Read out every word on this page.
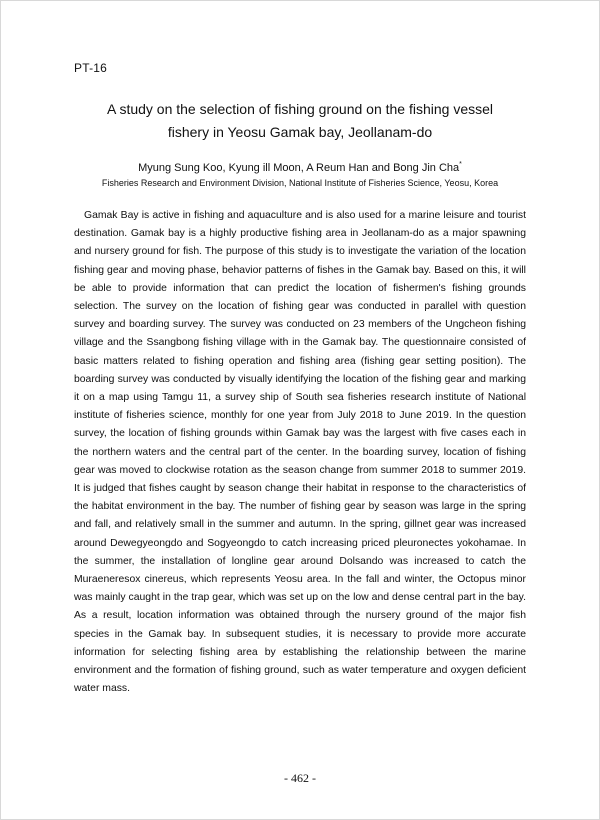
PT-16
A study on the selection of fishing ground on the fishing vessel
fishery in Yeosu Gamak bay, Jeollanam-do
Myung Sung Koo, Kyung ill Moon, A Reum Han and Bong Jin Cha*
Fisheries Research and Environment Division, National Institute of Fisheries Science, Yeosu, Korea

Gamak Bay is active in fishing and aquaculture and is also used for a marine leisure and tourist destination. Gamak bay is a highly productive fishing area in Jeollanam-do as a major spawning and nursery ground for fish. The purpose of this study is to investigate the variation of the location fishing gear and moving phase, behavior patterns of fishes in the Gamak bay. Based on this, it will be able to provide information that can predict the location of fishermen's fishing grounds selection. The survey on the location of fishing gear was conducted in parallel with question survey and boarding survey. The survey was conducted on 23 members of the Ungcheon fishing village and the Ssangbong fishing village with in the Gamak bay. The questionnaire consisted of basic matters related to fishing operation and fishing area (fishing gear setting position). The boarding survey was conducted by visually identifying the location of the fishing gear and marking it on a map using Tamgu 11, a survey ship of South sea fisheries research institute of National institute of fisheries science, monthly for one year from July 2018 to June 2019. In the question survey, the location of fishing grounds within Gamak bay was the largest with five cases each in the northern waters and the central part of the center. In the boarding survey, location of fishing gear was moved to clockwise rotation as the season change from summer 2018 to summer 2019. It is judged that fishes caught by season change their habitat in response to the characteristics of the habitat environment in the bay. The number of fishing gear by season was large in the spring and fall, and relatively small in the summer and autumn. In the spring, gillnet gear was increased around Dewegyeongdo and Sogyeongdo to catch increasing priced pleuronectes yokohamae. In the summer, the installation of longline gear around Dolsando was increased to catch the Muraeneresox cinereus, which represents Yeosu area. In the fall and winter, the Octopus minor was mainly caught in the trap gear, which was set up on the low and dense central part in the bay. As a result, location information was obtained through the nursery ground of the major fish species in the Gamak bay. In subsequent studies, it is necessary to provide more accurate information for selecting fishing area by establishing the relationship between the marine environment and the formation of fishing ground, such as water temperature and oxygen deficient water mass.

- 462 -
